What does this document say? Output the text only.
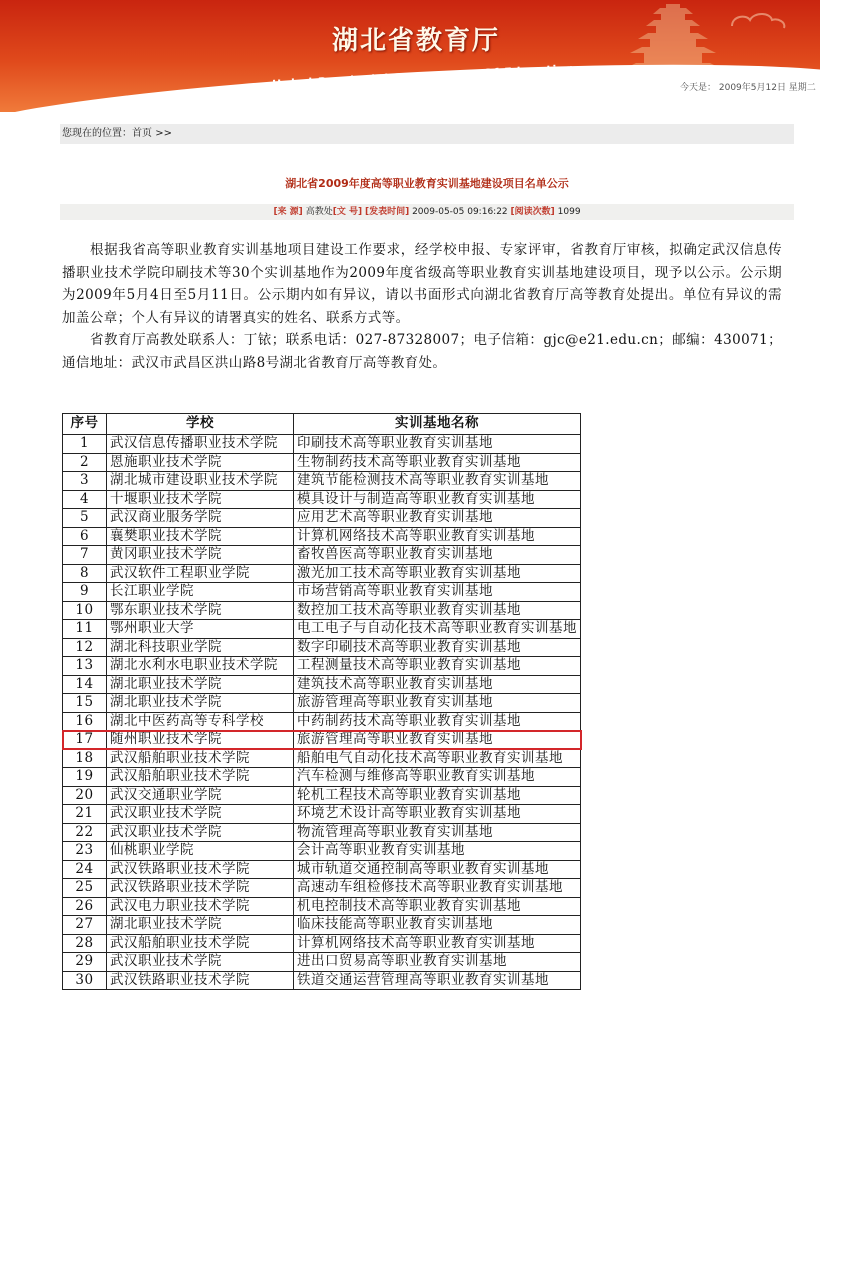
湖北省教育厅
Hubei Provincial Department Of Education	今天是： 2009年5月12日 星期二
您现在的位置：首页 >>
湖北省2009年度高等职业教育实训基地建设项目名单公示
[来 源] 高教处[文 号] [发表时间] 2009-05-05 09:16:22 [阅读次数] 1099

根据我省高等职业教育实训基地项目建设工作要求，经学校申报、专家评审，省教育厅审核，拟确定武汉信息传播职业技术学院印刷技术等30个实训基地作为2009年度省级高等职业教育实训基地建设项目，现予以公示。公示期为2009年5月4日至5月11日。公示期内如有异议，请以书面形式向湖北省教育厅高等教育处提出。单位有异议的需加盖公章；个人有异议的请署真实的姓名、联系方式等。

省教育厅高教处联系人：丁铱；联系电话：027-87328007；电子信箱：gjc@e21.edu.cn；邮编：430071；通信地址：武汉市武昌区洪山路8号湖北省教育厅高等教育处。

序号	学校	实训基地名称
1	武汉信息传播职业技术学院	印刷技术高等职业教育实训基地
2	恩施职业技术学院	生物制药技术高等职业教育实训基地
3	湖北城市建设职业技术学院	建筑节能检测技术高等职业教育实训基地
4	十堰职业技术学院	模具设计与制造高等职业教育实训基地
5	武汉商业服务学院	应用艺术高等职业教育实训基地
6	襄樊职业技术学院	计算机网络技术高等职业教育实训基地
7	黄冈职业技术学院	畜牧兽医高等职业教育实训基地
8	武汉软件工程职业学院	激光加工技术高等职业教育实训基地
9	长江职业学院	市场营销高等职业教育实训基地
10	鄂东职业技术学院	数控加工技术高等职业教育实训基地
11	鄂州职业大学	电工电子与自动化技术高等职业教育实训基地
12	湖北科技职业学院	数字印刷技术高等职业教育实训基地
13	湖北水利水电职业技术学院	工程测量技术高等职业教育实训基地
14	湖北职业技术学院	建筑技术高等职业教育实训基地
15	湖北职业技术学院	旅游管理高等职业教育实训基地
16	湖北中医药高等专科学校	中药制药技术高等职业教育实训基地
17	随州职业技术学院	旅游管理高等职业教育实训基地
18	武汉船舶职业技术学院	船舶电气自动化技术高等职业教育实训基地
19	武汉船舶职业技术学院	汽车检测与维修高等职业教育实训基地
20	武汉交通职业学院	轮机工程技术高等职业教育实训基地
21	武汉职业技术学院	环境艺术设计高等职业教育实训基地
22	武汉职业技术学院	物流管理高等职业教育实训基地
23	仙桃职业学院	会计高等职业教育实训基地
24	武汉铁路职业技术学院	城市轨道交通控制高等职业教育实训基地
25	武汉铁路职业技术学院	高速动车组检修技术高等职业教育实训基地
26	武汉电力职业技术学院	机电控制技术高等职业教育实训基地
27	湖北职业技术学院	临床技能高等职业教育实训基地
28	武汉船舶职业技术学院	计算机网络技术高等职业教育实训基地
29	武汉职业技术学院	进出口贸易高等职业教育实训基地
30	武汉铁路职业技术学院	铁道交通运营管理高等职业教育实训基地
